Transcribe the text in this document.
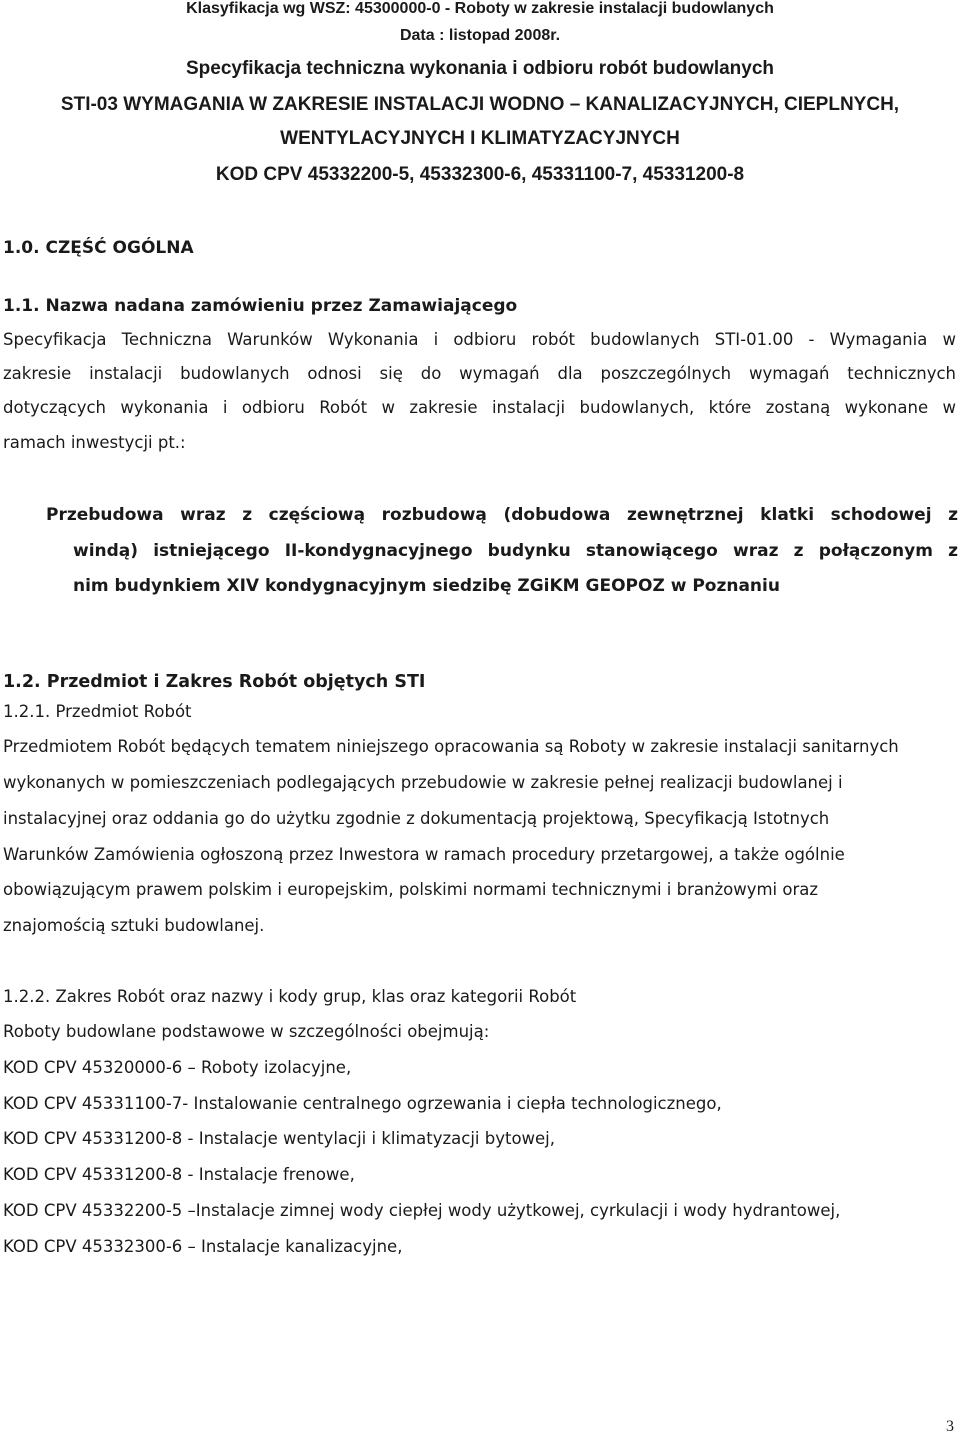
Klasyfikacja wg WSZ: 45300000-0 - Roboty w zakresie instalacji budowlanych
Data : listopad 2008r.
Specyfikacja techniczna wykonania i odbioru robót budowlanych
STI-03 WYMAGANIA W ZAKRESIE INSTALACJI WODNO – KANALIZACYJNYCH, CIEPLNYCH,
WENTYLACYJNYCH I KLIMATYZACYJNYCH
KOD CPV 45332200-5, 45332300-6, 45331100-7, 45331200-8
1.0. CZĘŚĆ OGÓLNA
1.1. Nazwa nadana zamówieniu przez Zamawiającego
Specyfikacja Techniczna Warunków Wykonania i odbioru robót budowlanych STI-01.00 - Wymagania w
zakresie instalacji budowlanych odnosi się do wymagań dla poszczególnych wymagań technicznych
dotyczących wykonania i odbioru Robót w zakresie instalacji budowlanych, które zostaną wykonane w
ramach inwestycji pt.:
Przebudowa wraz z częściową rozbudową (dobudowa zewnętrznej klatki schodowej z
windą) istniejącego II-kondygnacyjnego budynku stanowiącego wraz z połączonym z
nim budynkiem XIV kondygnacyjnym siedzibę ZGiKM GEOPOZ w Poznaniu
1.2. Przedmiot i Zakres Robót objętych STI
1.2.1. Przedmiot Robót
Przedmiotem Robót będących tematem niniejszego opracowania są Roboty w zakresie instalacji sanitarnych
wykonanych w pomieszczeniach podlegających przebudowie w zakresie pełnej realizacji budowlanej i
instalacyjnej oraz oddania go do użytku zgodnie z dokumentacją projektową, Specyfikacją Istotnych
Warunków Zamówienia ogłoszoną przez Inwestora w ramach procedury przetargowej, a także ogólnie
obowiązującym prawem polskim i europejskim, polskimi normami technicznymi i branżowymi oraz
znajomością sztuki budowlanej.
1.2.2. Zakres Robót oraz nazwy i kody grup, klas oraz kategorii Robót
Roboty budowlane podstawowe w szczególności obejmują:
KOD CPV 45320000-6 – Roboty izolacyjne,
KOD CPV 45331100-7- Instalowanie centralnego ogrzewania i ciepła technologicznego,
KOD CPV 45331200-8 - Instalacje wentylacji i klimatyzacji bytowej,
KOD CPV 45331200-8 - Instalacje frenowe,
KOD CPV 45332200-5 –Instalacje zimnej wody ciepłej wody użytkowej, cyrkulacji i wody hydrantowej,
KOD CPV 45332300-6 – Instalacje kanalizacyjne,
3
